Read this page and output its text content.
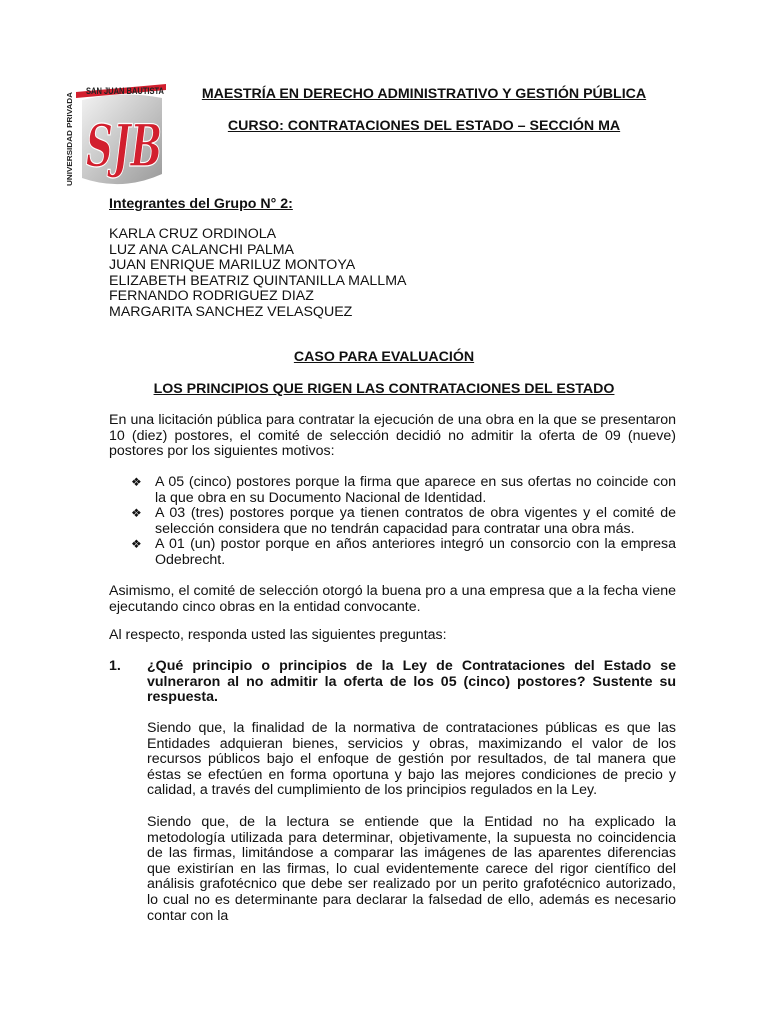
SJB
SAN JUAN BAUTISTA
UNIVERSIDAD PRIVADA
MAESTRÍA EN DERECHO ADMINISTRATIVO Y GESTIÓN PÚBLICA
CURSO: CONTRATACIONES DEL ESTADO – SECCIÓN MA
Integrantes del Grupo N° 2:
KARLA CRUZ ORDINOLA
LUZ ANA CALANCHI PALMA
JUAN ENRIQUE MARILUZ MONTOYA
ELIZABETH BEATRIZ QUINTANILLA MALLMA
FERNANDO RODRIGUEZ DIAZ
MARGARITA SANCHEZ VELASQUEZ
CASO PARA EVALUACIÓN
LOS PRINCIPIOS QUE RIGEN LAS CONTRATACIONES DEL ESTADO
En una licitación pública para contratar la ejecución de una obra en la que se presentaron 10 (diez) postores, el comité de selección decidió no admitir la oferta de 09 (nueve) postores por los siguientes motivos:
❖ A 05 (cinco) postores porque la firma que aparece en sus ofertas no coincide con la que obra en su Documento Nacional de Identidad.
❖ A 03 (tres) postores porque ya tienen contratos de obra vigentes y el comité de selección considera que no tendrán capacidad para contratar una obra más.
❖ A 01 (un) postor porque en años anteriores integró un consorcio con la empresa Odebrecht.
Asimismo, el comité de selección otorgó la buena pro a una empresa que a la fecha viene ejecutando cinco obras en la entidad convocante.
Al respecto, responda usted las siguientes preguntas:
1. ¿Qué principio o principios de la Ley de Contrataciones del Estado se vulneraron al no admitir la oferta de los 05 (cinco) postores? Sustente su respuesta.
Siendo que, la finalidad de la normativa de contrataciones públicas es que las Entidades adquieran bienes, servicios y obras, maximizando el valor de los recursos públicos bajo el enfoque de gestión por resultados, de tal manera que éstas se efectúen en forma oportuna y bajo las mejores condiciones de precio y calidad, a través del cumplimiento de los principios regulados en la Ley.
Siendo que, de la lectura se entiende que la Entidad no ha explicado la metodología utilizada para determinar, objetivamente, la supuesta no coincidencia de las firmas, limitándose a comparar las imágenes de las aparentes diferencias que existirían en las firmas, lo cual evidentemente carece del rigor científico del análisis grafotécnico que debe ser realizado por un perito grafotécnico autorizado, lo cual no es determinante para declarar la falsedad de ello, además es necesario contar con la
